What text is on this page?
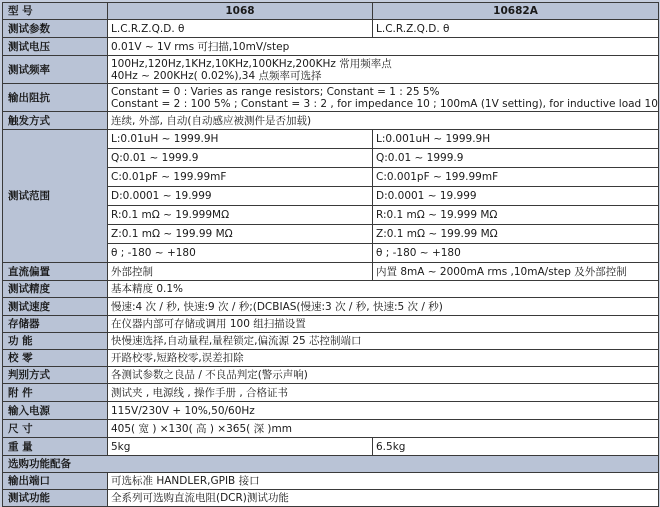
型 号	1068	10682A
测试参数	L.C.R.Z.Q.D. θ	L.C.R.Z.Q.D. θ
测试电压	0.01V ~ 1V rms 可扫描,10mV/step	
测试频率	100Hz,120Hz,1KHz,10KHz,100KHz,200KHz 常用频率点
40Hz ~ 200KHz( 0.02%),34 点频率可选择	

输出阻抗	Constant = 0 : Varies as range resistors; Constant = 1 : 25 5%
Constant = 2 : 100 5% ; Constant = 3 : 2 , for impedance 10 ; 100mA (1V setting), for inductive load 10	

触发方式	连续, 外部, 自动(自动感应被测件是否加载)	
测试范围	L:0.01uH ~ 1999.9H	L:0.001uH ~ 1999.9H
	Q:0.01 ~ 1999.9	Q:0.01 ~ 1999.9
	C:0.01pF ~ 199.99mF	C:0.001pF ~ 199.99mF
	D:0.0001 ~ 19.999	D:0.0001 ~ 19.999
	R:0.1 mΩ ~ 19.999MΩ	R:0.1 mΩ ~ 19.999 MΩ
	Z:0.1 mΩ ~ 199.99 MΩ	Z:0.1 mΩ ~ 199.99 MΩ
	θ ; -180 ~ +180	θ ; -180 ~ +180
直流偏置	外部控制	内置 8mA ~ 2000mA rms ,10mA/step 及外部控制
测试精度	基本精度 0.1%	
测试速度	慢速:4 次 / 秒, 快速:9 次 / 秒;(DCBIAS(慢速:3 次 / 秒, 快速:5 次 / 秒)	
存储器	在仪器内部可存储或调用 100 组扫描设置	
功 能	快慢速选择,自动量程,量程锁定,偏流源 25 芯控制端口	
校 零	开路校零,短路校零,误差扣除	
判别方式	各测试参数之良品 / 不良品判定(警示声响)	
附 件	测试夹 , 电源线 , 操作手册 , 合格证书	
输入电源	115V/230V + 10%,50/60Hz	
尺 寸	405( 宽 ) ×130( 高 ) ×365( 深 )mm	
重 量	5kg	6.5kg
选购功能配备		
输出端口	可选标准 HANDLER,GPIB 接口	
测试功能	全系列可选购直流电阻(DCR)测试功能	
